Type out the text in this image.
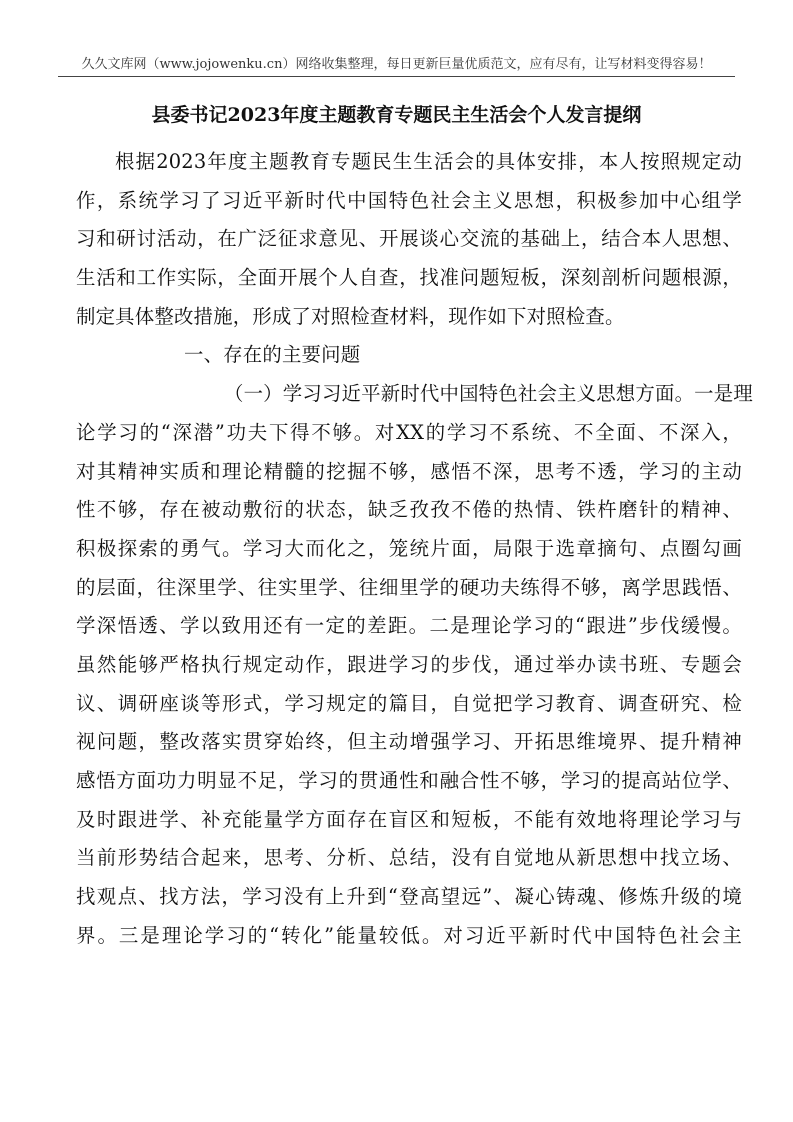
久久文库网（www.jojowenku.cn）网络收集整理，每日更新巨量优质范文，应有尽有，让写材料变得容易！
县委书记2023年度主题教育专题民主生活会个人发言提纲
根据2023年度主题教育专题民生生活会的具体安排，本人按照规定动
作，系统学习了习近平新时代中国特色社会主义思想，积极参加中心组学
习和研讨活动，在广泛征求意见、开展谈心交流的基础上，结合本人思想、
生活和工作实际，全面开展个人自查，找准问题短板，深刻剖析问题根源，
制定具体整改措施，形成了对照检查材料，现作如下对照检查。
一、存在的主要问题
（一）学习习近平新时代中国特色社会主义思想方面。一是理
论学习的“深潜”功夫下得不够。对XX的学习不系统、不全面、不深入，
对其精神实质和理论精髓的挖掘不够，感悟不深，思考不透，学习的主动
性不够，存在被动敷衍的状态，缺乏孜孜不倦的热情、铁杵磨针的精神、
积极探索的勇气。学习大而化之，笼统片面，局限于选章摘句、点圈勾画
的层面，往深里学、往实里学、往细里学的硬功夫练得不够，离学思践悟、
学深悟透、学以致用还有一定的差距。二是理论学习的“跟进”步伐缓慢。
虽然能够严格执行规定动作，跟进学习的步伐，通过举办读书班、专题会
议、调研座谈等形式，学习规定的篇目，自觉把学习教育、调查研究、检
视问题，整改落实贯穿始终，但主动增强学习、开拓思维境界、提升精神
感悟方面功力明显不足，学习的贯通性和融合性不够，学习的提高站位学、
及时跟进学、补充能量学方面存在盲区和短板，不能有效地将理论学习与
当前形势结合起来，思考、分析、总结，没有自觉地从新思想中找立场、
找观点、找方法，学习没有上升到“登高望远”、凝心铸魂、修炼升级的境
界。三是理论学习的“转化”能量较低。对习近平新时代中国特色社会主
